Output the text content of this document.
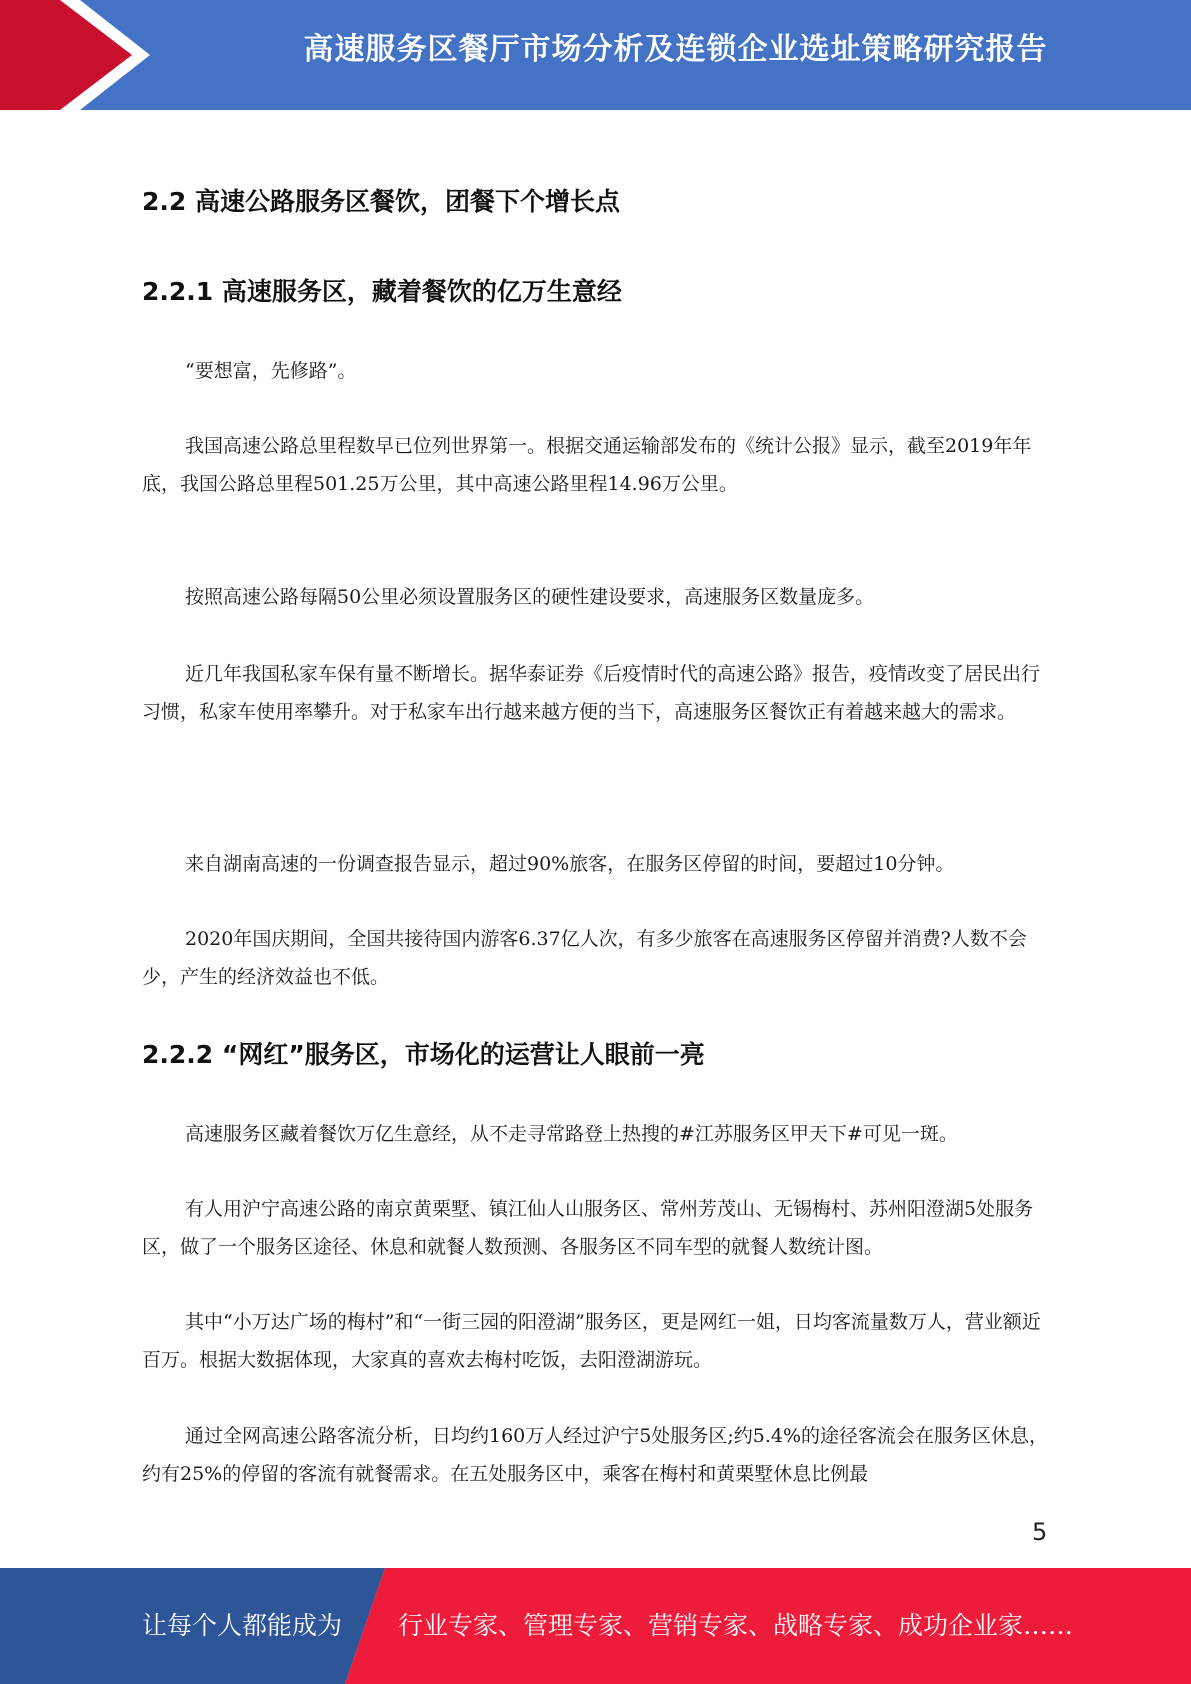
高速服务区餐厅市场分析及连锁企业选址策略研究报告
2.2 高速公路服务区餐饮，团餐下个增长点
2.2.1 高速服务区，藏着餐饮的亿万生意经

“要想富，先修路”。

我国高速公路总里程数早已位列世界第一。根据交通运输部发布的《统计公报》显示，截至2019年年底，我国公路总里程501.25万公里，其中高速公路里程14.96万公里。

按照高速公路每隔50公里必须设置服务区的硬性建设要求，高速服务区数量庞多。

近几年我国私家车保有量不断增长。据华泰证券《后疫情时代的高速公路》报告，疫情改变了居民出行习惯，私家车使用率攀升。对于私家车出行越来越方便的当下，高速服务区餐饮正有着越来越大的需求。

来自湖南高速的一份调查报告显示，超过90%旅客，在服务区停留的时间，要超过10分钟。

2020年国庆期间，全国共接待国内游客6.37亿人次，有多少旅客在高速服务区停留并消费?人数不会少，产生的经济效益也不低。

2.2.2 “网红”服务区，市场化的运营让人眼前一亮

高速服务区藏着餐饮万亿生意经，从不走寻常路登上热搜的#江苏服务区甲天下#可见一斑。

有人用沪宁高速公路的南京黄栗墅、镇江仙人山服务区、常州芳茂山、无锡梅村、苏州阳澄湖5处服务区，做了一个服务区途径、休息和就餐人数预测、各服务区不同车型的就餐人数统计图。

其中“小万达广场的梅村”和“一街三园的阳澄湖”服务区，更是网红一姐，日均客流量数万人，营业额近百万。根据大数据体现，大家真的喜欢去梅村吃饭，去阳澄湖游玩。

通过全网高速公路客流分析，日均约160万人经过沪宁5处服务区;约5.4%的途径客流会在服务区休息，约有25%的停留的客流有就餐需求。在五处服务区中，乘客在梅村和黄栗墅休息比例最

5
让每个人都能成为 行业专家、管理专家、营销专家、战略专家、成功企业家……
